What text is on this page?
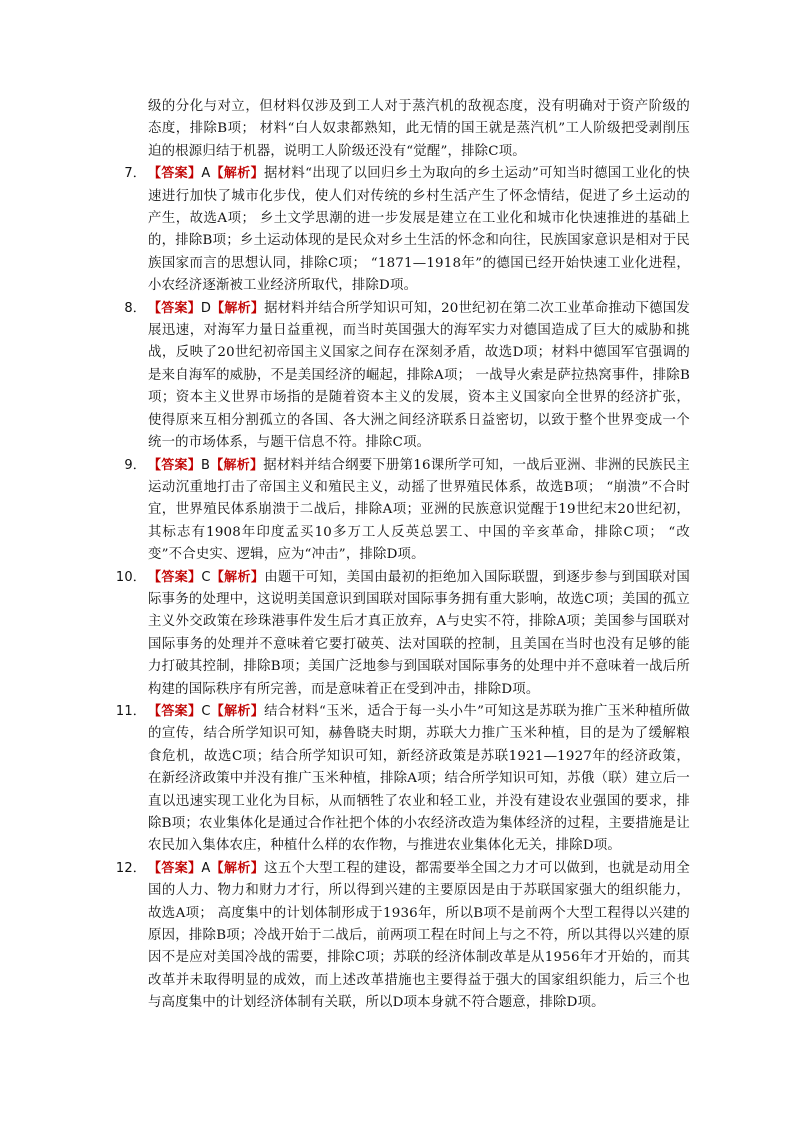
级的分化与对立，但材料仅涉及到工人对于蒸汽机的敌视态度，没有明确对于资产阶级的态度，排除B项； 材料“白人奴隶都熟知，此无情的国王就是蒸汽机”工人阶级把受剥削压迫的根源归结于机器，说明工人阶级还没有“觉醒”，排除C项。

7． 【答案】A【解析】据材料“出现了以回归乡土为取向的乡土运动”可知当时德国工业化的快速进行加快了城市化步伐，使人们对传统的乡村生活产生了怀念情结，促进了乡土运动的产生，故选A项； 乡土文学思潮的进一步发展是建立在工业化和城市化快速推进的基础上的，排除B项；乡土运动体现的是民众对乡土生活的怀念和向往，民族国家意识是相对于民族国家而言的思想认同，排除C项； “1871—1918年”的德国已经开始快速工业化进程，小农经济逐渐被工业经济所取代，排除D项。

8． 【答案】D【解析】据材料并结合所学知识可知，20世纪初在第二次工业革命推动下德国发展迅速，对海军力量日益重视，而当时英国强大的海军实力对德国造成了巨大的威胁和挑战，反映了20世纪初帝国主义国家之间存在深刻矛盾，故选D项；材料中德国军官强调的是来自海军的威胁，不是美国经济的崛起，排除A项； 一战导火索是萨拉热窝事件，排除B项；资本主义世界市场指的是随着资本主义的发展，资本主义国家向全世界的经济扩张，使得原来互相分割孤立的各国、各大洲之间经济联系日益密切，以致于整个世界变成一个统一的市场体系，与题干信息不符。排除C项。

9． 【答案】B【解析】据材料并结合纲要下册第16课所学可知，一战后亚洲、非洲的民族民主运动沉重地打击了帝国主义和殖民主义，动摇了世界殖民体系，故选B项； “崩溃”不合时宜，世界殖民体系崩溃于二战后，排除A项；亚洲的民族意识觉醒于19世纪末20世纪初，其标志有1908年印度孟买10多万工人反英总罢工、中国的辛亥革命，排除C项； “改变”不合史实、逻辑，应为“冲击”，排除D项。

10． 【答案】C【解析】由题干可知，美国由最初的拒绝加入国际联盟，到逐步参与到国联对国际事务的处理中，这说明美国意识到国联对国际事务拥有重大影响，故选C项；美国的孤立主义外交政策在珍珠港事件发生后才真正放弃，A与史实不符，排除A项；美国参与国联对国际事务的处理并不意味着它要打破英、法对国联的控制，且美国在当时也没有足够的能力打破其控制，排除B项；美国广泛地参与到国联对国际事务的处理中并不意味着一战后所构建的国际秩序有所完善，而是意味着正在受到冲击，排除D项。

11． 【答案】C【解析】结合材料“玉米，适合于每一头小牛”可知这是苏联为推广玉米种植所做的宣传，结合所学知识可知，赫鲁晓夫时期，苏联大力推广玉米种植，目的是为了缓解粮食危机，故选C项；结合所学知识可知，新经济政策是苏联1921—1927年的经济政策，在新经济政策中并没有推广玉米种植，排除A项；结合所学知识可知，苏俄（联）建立后一直以迅速实现工业化为目标，从而牺牲了农业和轻工业，并没有建设农业强国的要求，排除B项；农业集体化是通过合作社把个体的小农经济改造为集体经济的过程，主要措施是让农民加入集体农庄，种植什么样的农作物，与推进农业集体化无关，排除D项。

12． 【答案】A【解析】这五个大型工程的建设，都需要举全国之力才可以做到，也就是动用全国的人力、物力和财力才行，所以得到兴建的主要原因是由于苏联国家强大的组织能力，故选A项； 高度集中的计划体制形成于1936年，所以B项不是前两个大型工程得以兴建的原因，排除B项；冷战开始于二战后，前两项工程在时间上与之不符，所以其得以兴建的原因不是应对美国冷战的需要，排除C项；苏联的经济体制改革是从1956年才开始的，而其改革并未取得明显的成效，而上述改革措施也主要得益于强大的国家组织能力，后三个也与高度集中的计划经济体制有关联，所以D项本身就不符合题意，排除D项。
